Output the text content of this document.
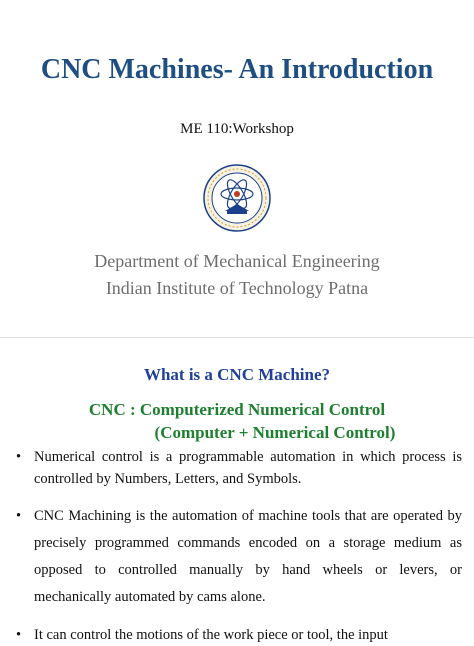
CNC Machines- An Introduction
ME 110:Workshop
Department of Mechanical Engineering
Indian Institute of Technology Patna
What is a CNC Machine?
CNC : Computerized Numerical Control
(Computer + Numerical Control)
• Numerical control is a programmable automation in which process is controlled by Numbers, Letters, and Symbols.
• CNC Machining is the automation of machine tools that are operated by precisely programmed commands encoded on a storage medium as opposed to controlled manually by hand wheels or levers, or mechanically automated by cams alone.
• It can control the motions of the work piece or tool, the input
